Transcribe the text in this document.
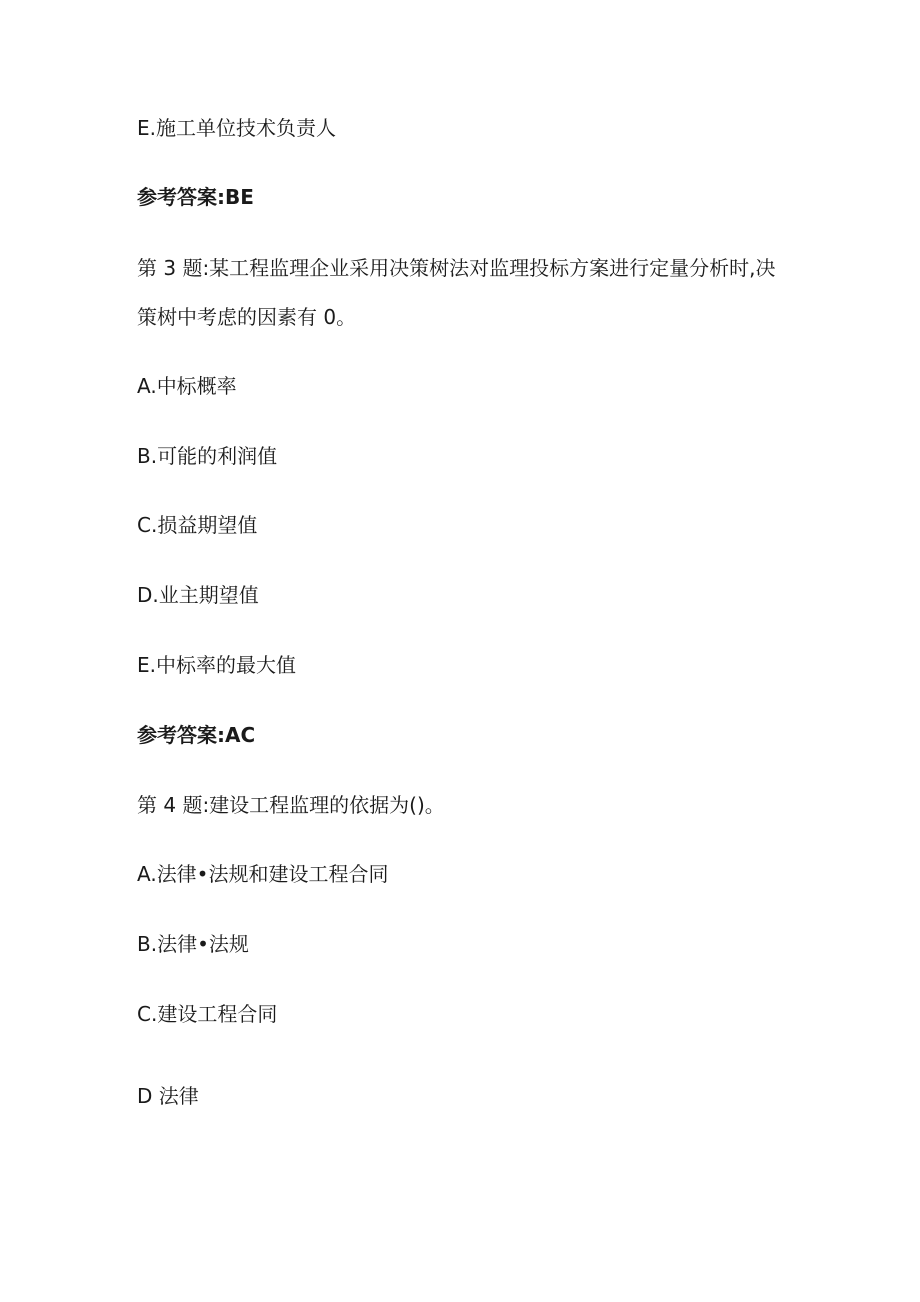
E.施工单位技术负责人
参考答案:BE
第 3 题:某工程监理企业采用决策树法对监理投标方案进行定量分析时,决
策树中考虑的因素有 0。
A.中标概率
B.可能的利润值
C.损益期望值
D.业主期望值
E.中标率的最大值
参考答案:AC
第 4 题:建设工程监理的依据为()。
A.法律•法规和建设工程合同
B.法律•法规
C.建设工程合同
D 法律
